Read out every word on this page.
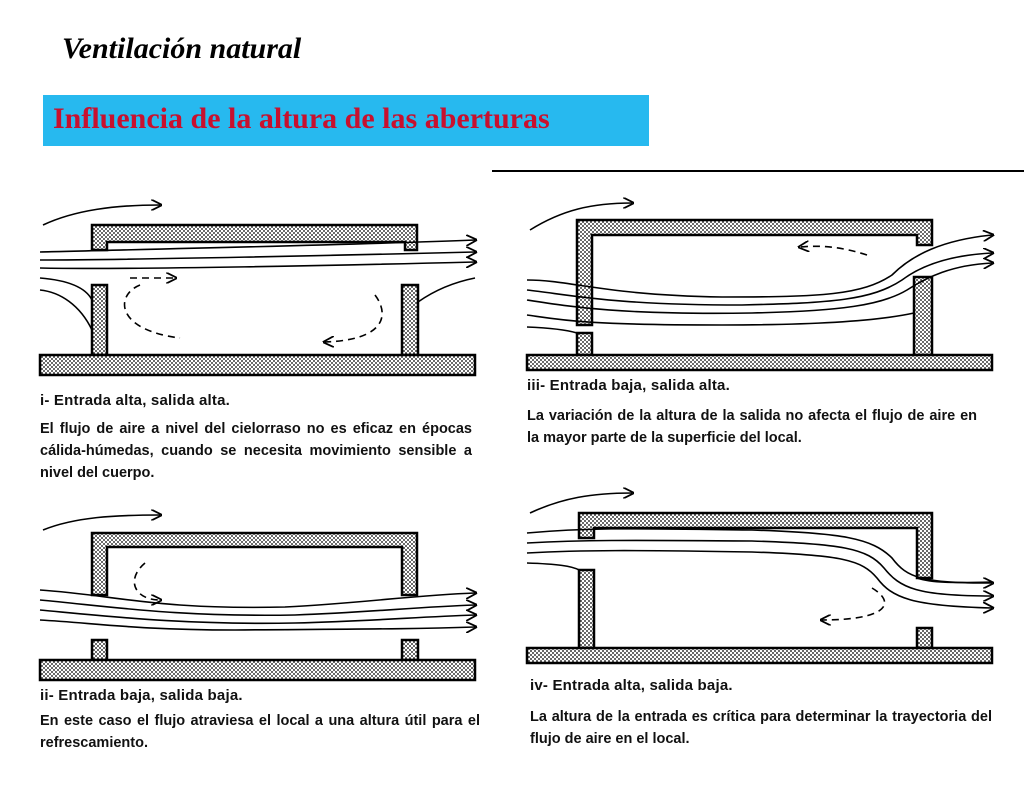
Ventilación natural
Influencia de la altura de las aberturas
i- Entrada alta, salida alta.
El flujo de aire a nivel del cielorraso no es eficaz en épocas cálida-húmedas, cuando se necesita movimiento sensible a nivel del cuerpo.
ii- Entrada baja, salida baja.
En este caso el flujo atraviesa el local a una altura útil para el refrescamiento.
iii- Entrada baja, salida alta.
La variación de la altura de la salida no afecta el flujo de aire en la mayor parte de la superficie del local.
iv- Entrada alta, salida baja.
La altura de la entrada es crítica para determinar la trayectoria del flujo de aire en el local.
